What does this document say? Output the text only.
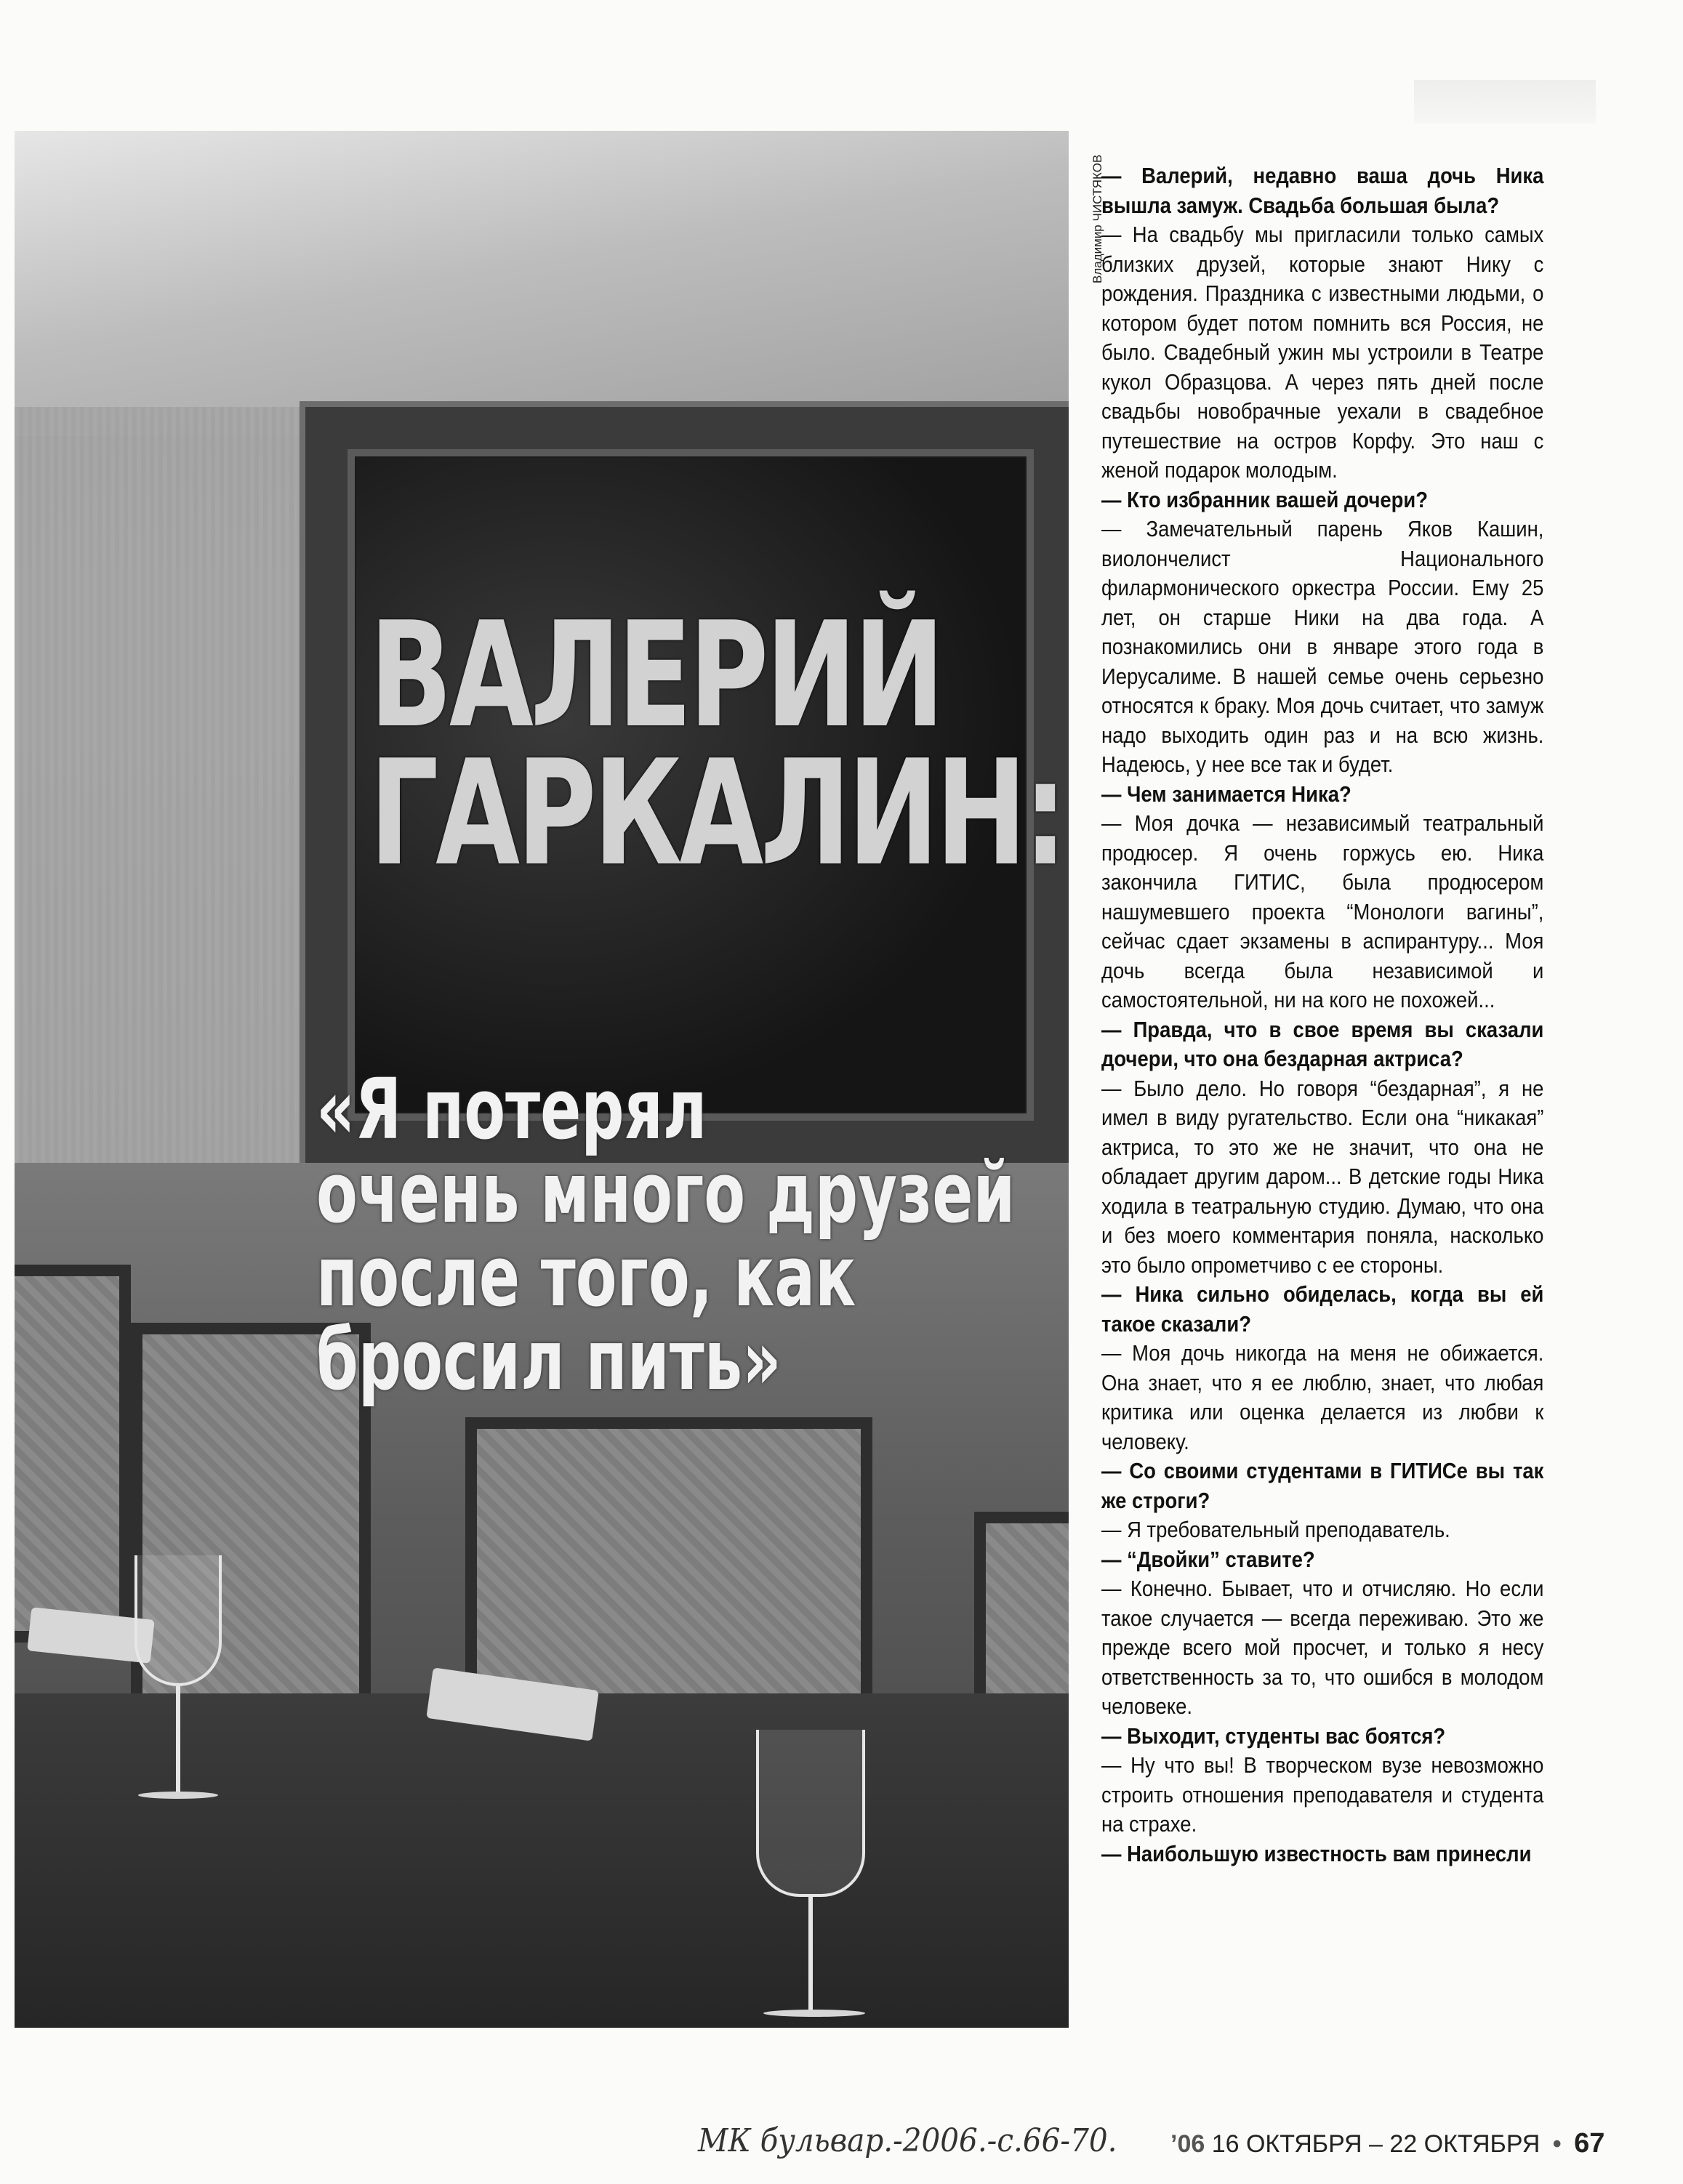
ВАЛЕРИЙ
ГАРКАЛИН:
«Я потерял
очень много друзей
после того, как
бросил пить»
Владимир ЧИСТЯКОВ

— Валерий, недавно ваша дочь Ника вышла замуж. Свадьба большая была?

— На свадьбу мы пригласили только самых близких друзей, которые знают Нику с рождения. Праздника с известными людьми, о котором будет потом помнить вся Россия, не было. Свадебный ужин мы устроили в Театре кукол Образцова. А через пять дней после свадьбы новобрачные уехали в свадебное путешествие на остров Корфу. Это наш с женой подарок молодым.

— Кто избранник вашей дочери?

— Замечательный парень Яков Кашин, виолончелист Национального филармонического оркестра России. Ему 25 лет, он старше Ники на два года. А познакомились они в январе этого года в Иерусалиме. В нашей семье очень серьезно относятся к браку. Моя дочь считает, что замуж надо выходить один раз и на всю жизнь. Надеюсь, у нее все так и будет.

— Чем занимается Ника?

— Моя дочка — независимый театральный продюсер. Я очень горжусь ею. Ника закончила ГИТИС, была продюсером нашумевшего проекта “Монологи вагины”, сейчас сдает экзамены в аспирантуру... Моя дочь всегда была независимой и самостоятельной, ни на кого не похожей...

— Правда, что в свое время вы сказали дочери, что она бездарная актриса?

— Было дело. Но говоря “бездарная”, я не имел в виду ругательство. Если она “никакая” актриса, то это же не значит, что она не обладает другим даром... В детские годы Ника ходила в театральную студию. Думаю, что она и без моего комментария поняла, насколько это было опрометчиво с ее стороны.

— Ника сильно обиделась, когда вы ей такое сказали?

— Моя дочь никогда на меня не обижается. Она знает, что я ее люблю, знает, что любая критика или оценка делается из любви к человеку.

— Со своими студентами в ГИТИСе вы так же строги?

— Я требовательный преподаватель.

— “Двойки” ставите?

— Конечно. Бывает, что и отчисляю. Но если такое случается — всегда переживаю. Это же прежде всего мой просчет, и только я несу ответственность за то, что ошибся в молодом человеке.

— Выходит, студенты вас боятся?

— Ну что вы! В творческом вузе невозможно строить отношения преподавателя и студента на страхе.

— Наибольшую известность вам принесли

МК бульвар.-2006.-с.66-70.	’06 16 ОКТЯБРЯ – 22 ОКТЯБРЯ • 67
